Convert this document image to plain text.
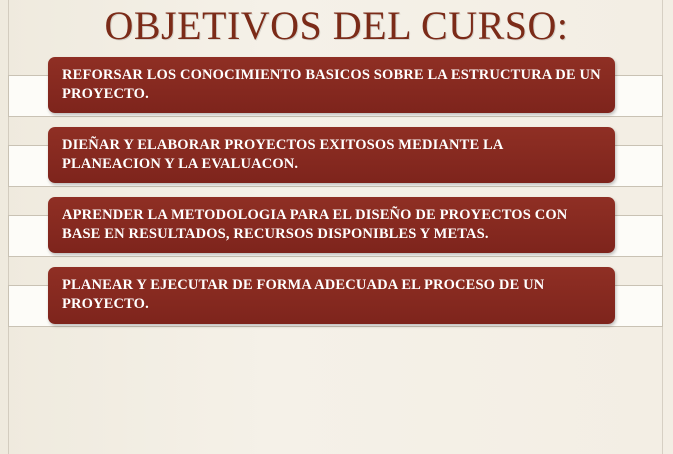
OBJETIVOS DEL CURSO:

REFORSAR LOS CONOCIMIENTO BASICOS SOBRE LA ESTRUCTURA DE UN PROYECTO.

DIEÑAR Y ELABORAR PROYECTOS EXITOSOS MEDIANTE LA PLANEACION Y LA EVALUACON.

APRENDER LA METODOLOGIA PARA EL DISEÑO DE PROYECTOS CON BASE EN RESULTADOS, RECURSOS DISPONIBLES Y METAS.

PLANEAR Y EJECUTAR DE FORMA ADECUADA EL PROCESO DE UN PROYECTO.
